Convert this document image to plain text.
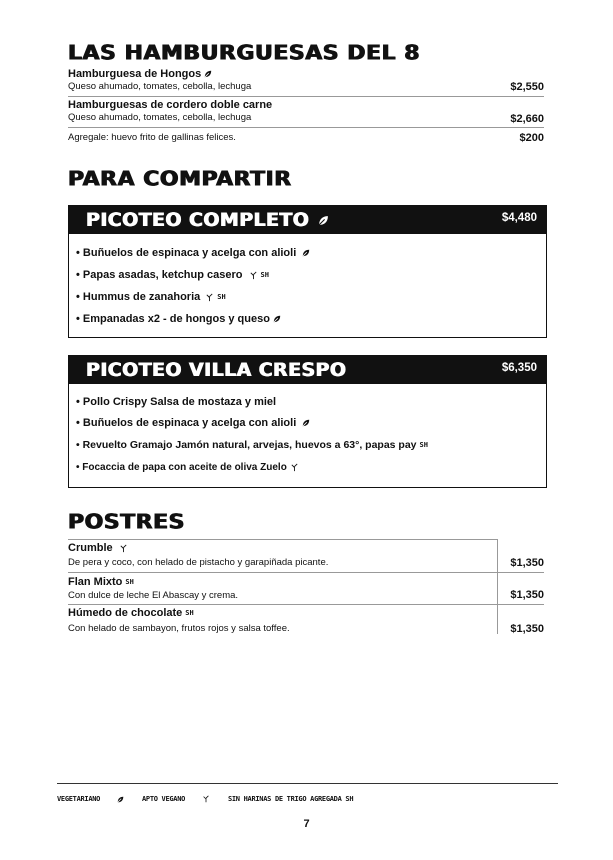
LAS HAMBURGUESAS DEL 8
Hamburguesa de Hongos
Queso ahumado, tomates, cebolla, lechuga	$2,550
Hamburguesas de cordero doble carne
Queso ahumado, tomates, cebolla, lechuga	$2,660
Agregale: huevo frito de gallinas felices.	$200
PARA COMPARTIR
PICOTEO COMPLETO	$4,480
• Buñuelos de espinaca y acelga con alioli
• Papas asadas, ketchup casero	SH
• Hummus de zanahoria SH
• Empanadas x2 - de hongos y queso
PICOTEO VILLA CRESPO	$6,350
• Pollo Crispy Salsa de mostaza y miel
• Buñuelos de espinaca y acelga con alioli
• Revuelto Gramajo Jamón natural, arvejas, huevos a 63°, papas pay SH
• Focaccia de papa con aceite de oliva Zuelo
POSTRES
Crumble
De pera y coco, con helado de pistacho y garapiñada picante.	$1,350
Flan Mixto SH
Con dulce de leche El Abascay y crema.	$1,350
Húmedo de chocolate SH
Con helado de sambayon, frutos rojos y salsa toffee.	$1,350
VEGETARIANO	APTO VEGANO	SIN HARINAS DE TRIGO AGREGADA SH
7
